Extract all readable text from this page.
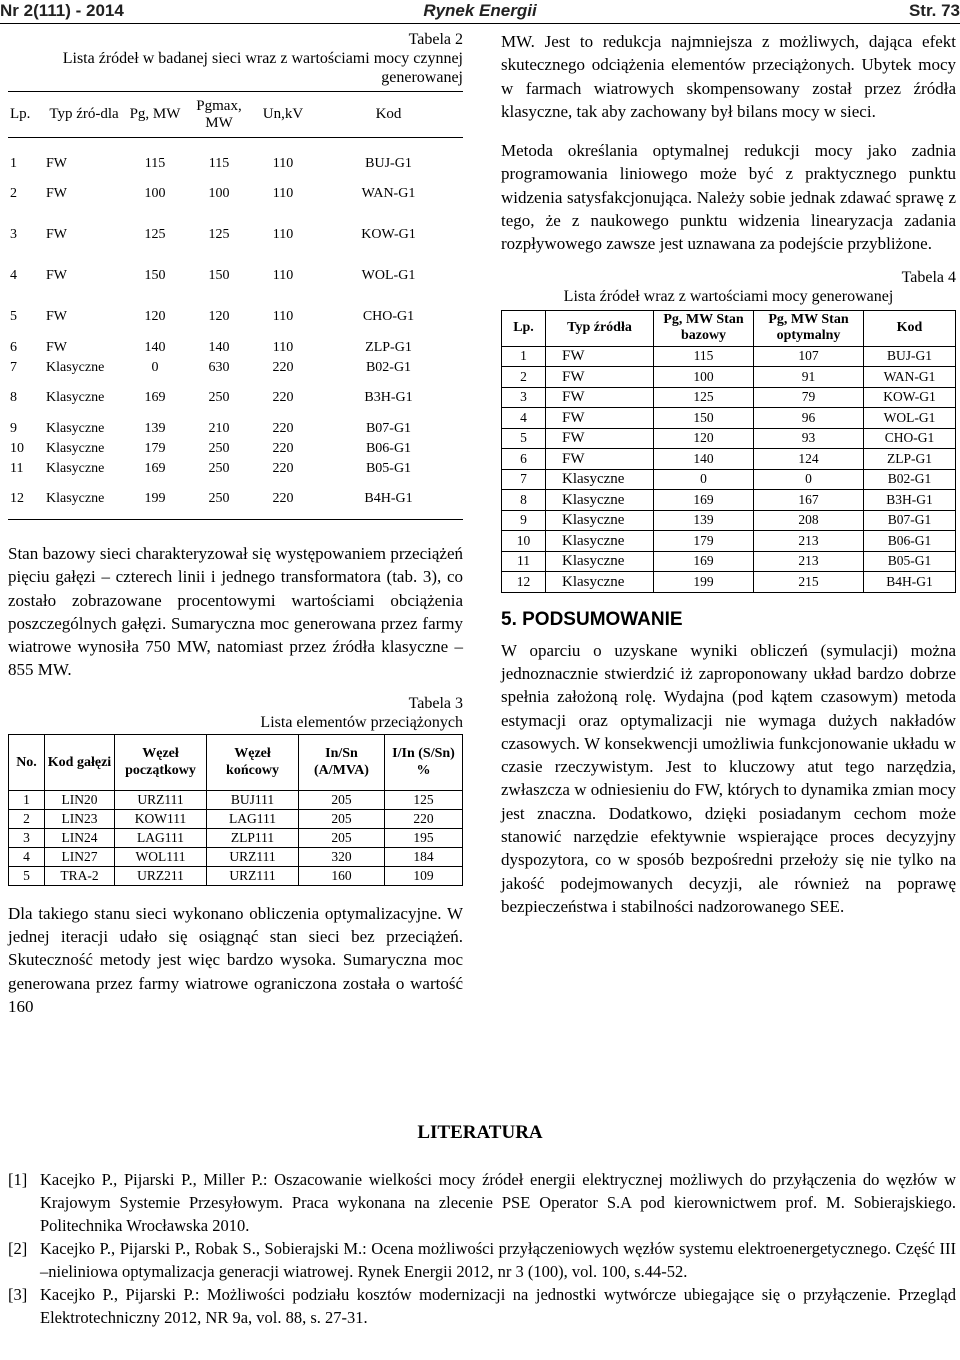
Rynek Energii
Nr 2(111) - 2014	Str. 73
Tabela 2
Lista źródeł w badanej sieci wraz z wartościami mocy czynnej generowanej
Lp.	Typ źró-dla	Pg, MW	Pgmax, MW	Un,kV	Kod

1	FW	115	115	110	BUJ-G1
2	FW	100	100	110	WAN-G1
3	FW	125	125	110	KOW-G1
4	FW	150	150	110	WOL-G1
5	FW	120	120	110	CHO-G1
6	FW	140	140	110	ZLP-G1
7	Klasyczne	0	630	220	B02-G1
8	Klasyczne	169	250	220	B3H-G1
9	Klasyczne	139	210	220	B07-G1
10	Klasyczne	179	250	220	B06-G1
11	Klasyczne	169	250	220	B05-G1
12	Klasyczne	199	250	220	B4H-G1

Stan bazowy sieci charakteryzował się występowaniem przeciążeń pięciu gałęzi – czterech linii i jednego transformatora (tab. 3), co zostało zobrazowane procentowymi wartościami obciążenia poszczególnych gałęzi. Sumaryczna moc generowana przez farmy wiatrowe wynosiła 750 MW, natomiast przez źródła klasyczne – 855 MW.

Tabela 3
Lista elementów przeciążonych
No.	Kod gałęzi	Węzeł początkowy	Węzeł końcowy	In/Sn (A/MVA)	I/In (S/Sn) %
1	LIN20	URZ111	BUJ111	205	125
2	LIN23	KOW111	LAG111	205	220
3	LIN24	LAG111	ZLP111	205	195
4	LIN27	WOL111	URZ111	320	184
5	TRA-2	URZ211	URZ111	160	109

Dla takiego stanu sieci wykonano obliczenia optymalizacyjne. W jednej iteracji udało się osiągnąć stan sieci bez przeciążeń. Skuteczność metody jest więc bardzo wysoka. Sumaryczna moc generowana przez farmy wiatrowe ograniczona została o wartość 160

MW. Jest to redukcja najmniejsza z możliwych, dająca efekt skutecznego odciążenia elementów przeciążonych. Ubytek mocy w farmach wiatrowych skompensowany został przez źródła klasyczne, tak aby zachowany był bilans mocy w sieci.

Metoda określania optymalnej redukcji mocy jako zadnia programowania liniowego może być z praktycznego punktu widzenia satysfakcjonująca. Należy sobie jednak zdawać sprawę z tego, że z naukowego punktu widzenia linearyzacja zadania rozpływowego zawsze jest uznawana za podejście przybliżone.

Tabela 4
Lista źródeł wraz z wartościami mocy generowanej
Lp.	Typ źródła	Pg, MW Stan bazowy	Pg, MW Stan optymalny	Kod
1	FW	115	107	BUJ-G1
2	FW	100	91	WAN-G1
3	FW	125	79	KOW-G1
4	FW	150	96	WOL-G1
5	FW	120	93	CHO-G1
6	FW	140	124	ZLP-G1
7	Klasyczne	0	0	B02-G1
8	Klasyczne	169	167	B3H-G1
9	Klasyczne	139	208	B07-G1
10	Klasyczne	179	213	B06-G1
11	Klasyczne	169	213	B05-G1
12	Klasyczne	199	215	B4H-G1
5. PODSUMOWANIE

W oparciu o uzyskane wyniki obliczeń (symulacji) można jednoznacznie stwierdzić iż zaproponowany układ bardzo dobrze spełnia założoną rolę. Wydajna (pod kątem czasowym) metoda estymacji oraz optymalizacji nie wymaga dużych nakładów czasowych. W konsekwencji umożliwia funkcjonowanie układu w czasie rzeczywistym. Jest to kluczowy atut tego narzędzia, zwłaszcza w odniesieniu do FW, których to dynamika zmian mocy jest znaczna. Dodatkowo, dzięki posiadanym cechom może stanowić narzędzie efektywnie wspierające proces decyzyjny dyspozytora, co w sposób bezpośredni przełoży się nie tylko na jakość podejmowanych decyzji, ale również na poprawę bezpieczeństwa i stabilności nadzorowanego SEE.

LITERATURA
[1] Kacejko P., Pijarski P., Miller P.: Oszacowanie wielkości mocy źródeł energii elektrycznej możliwych do przyłączenia do węzłów w Krajowym Systemie Przesyłowym. Praca wykonana na zlecenie PSE Operator S.A pod kierownictwem prof. M. Sobierajskiego. Politechnika Wrocławska 2010.
[2] Kacejko P., Pijarski P., Robak S., Sobierajski M.: Ocena możliwości przyłączeniowych węzłów systemu elektroenergetycznego. Część III –nieliniowa optymalizacja generacji wiatrowej. Rynek Energii 2012, nr 3 (100), vol. 100, s.44-52.
[3] Kacejko P., Pijarski P.: Możliwości podziału kosztów modernizacji na jednostki wytwórcze ubiegające się o przyłączenie. Przegląd Elektrotechniczny 2012, NR 9a, vol. 88, s. 27-31.
